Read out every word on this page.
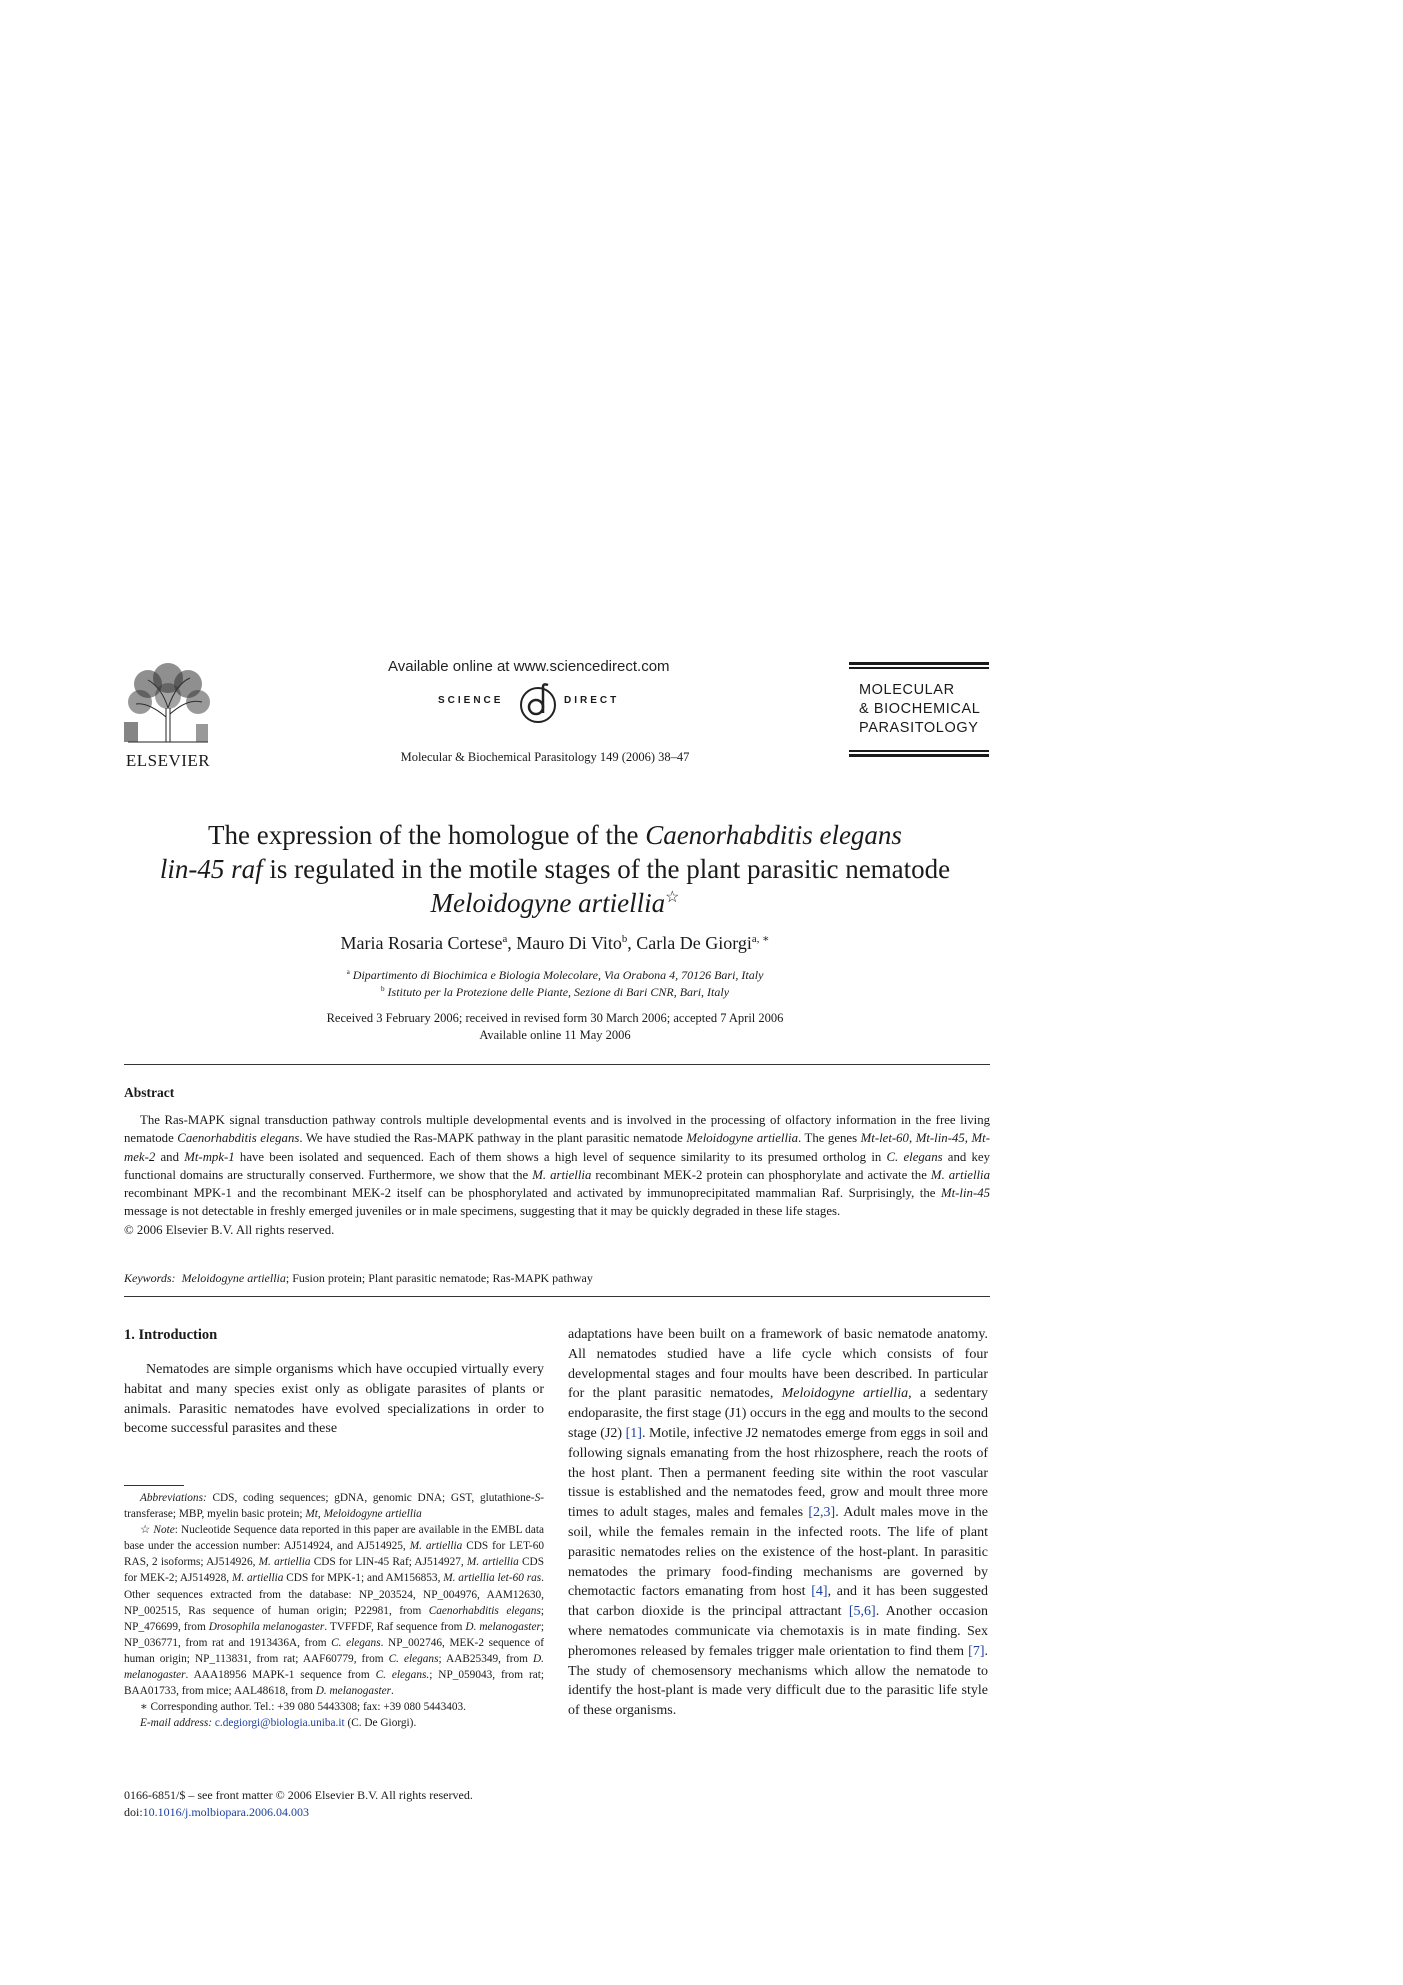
ELSEVIER
Available online at www.sciencedirect.com
SCIENCE	DIRECT
Molecular & Biochemical Parasitology 149 (2006) 38–47
MOLECULAR
& BIOCHEMICAL
PARASITOLOGY
The expression of the homologue of the Caenorhabditis elegans
lin-45 raf is regulated in the motile stages of the plant parasitic nematode Meloidogyne artiellia☆
Maria Rosaria Cortese$^a$, Mauro Di Vito$^b$, Carla De Giorgi$^{a, ∗}$
$^a$ Dipartimento di Biochimica e Biologia Molecolare, Via Orabona 4, 70126 Bari, Italy
$^b$ Istituto per la Protezione delle Piante, Sezione di Bari CNR, Bari, Italy
Received 3 February 2006; received in revised form 30 March 2006; accepted 7 April 2006
Available online 11 May 2006
Abstract

The Ras-MAPK signal transduction pathway controls multiple developmental events and is involved in the processing of olfactory information in the free living nematode Caenorhabditis elegans. We have studied the Ras-MAPK pathway in the plant parasitic nematode Meloidogyne artiellia. The genes Mt-let-60, Mt-lin-45, Mt-mek-2 and Mt-mpk-1 have been isolated and sequenced. Each of them shows a high level of sequence similarity to its presumed ortholog in C. elegans and key functional domains are structurally conserved. Furthermore, we show that the M. artiellia recombinant MEK-2 protein can phosphorylate and activate the M. artiellia recombinant MPK-1 and the recombinant MEK-2 itself can be phosphorylated and activated by immunoprecipitated mammalian Raf. Surprisingly, the Mt-lin-45 message is not detectable in freshly emerged juveniles or in male specimens, suggesting that it may be quickly degraded in these life stages.

© 2006 Elsevier B.V. All rights reserved.
Keywords: Meloidogyne artiellia; Fusion protein; Plant parasitic nematode; Ras-MAPK pathway
1. Introduction

Nematodes are simple organisms which have occupied virtually every habitat and many species exist only as obligate parasites of plants or animals. Parasitic nematodes have evolved specializations in order to become successful parasites and these

Abbreviations: CDS, coding sequences; gDNA, genomic DNA; GST, glutathione-S-transferase; MBP, myelin basic protein; Mt, Meloidogyne artiellia

☆ Note: Nucleotide Sequence data reported in this paper are available in the EMBL data base under the accession number: AJ514924, and AJ514925, M. artiellia CDS for LET-60 RAS, 2 isoforms; AJ514926, M. artiellia CDS for LIN-45 Raf; AJ514927, M. artiellia CDS for MEK-2; AJ514928, M. artiellia CDS for MPK-1; and AM156853, M. artiellia let-60 ras. Other sequences extracted from the database: NP_203524, NP_004976, AAM12630, NP_002515, Ras sequence of human origin; P22981, from Caenorhabditis elegans; NP_476699, from Drosophila melanogaster. TVFFDF, Raf sequence from D. melanogaster; NP_036771, from rat and 1913436A, from C. elegans. NP_002746, MEK-2 sequence of human origin; NP_113831, from rat; AAF60779, from C. elegans; AAB25349, from D. melanogaster. AAA18956 MAPK-1 sequence from C. elegans.; NP_059043, from rat; BAA01733, from mice; AAL48618, from D. melanogaster.

∗ Corresponding author. Tel.: +39 080 5443308; fax: +39 080 5443403.

E-mail address: c.degiorgi@biologia.uniba.it (C. De Giorgi).

0166-6851/$ – see front matter © 2006 Elsevier B.V. All rights reserved.
doi:10.1016/j.molbiopara.2006.04.003

adaptations have been built on a framework of basic nematode anatomy. All nematodes studied have a life cycle which consists of four developmental stages and four moults have been described. In particular for the plant parasitic nematodes, Meloidogyne artiellia, a sedentary endoparasite, the first stage (J1) occurs in the egg and moults to the second stage (J2) [1]. Motile, infective J2 nematodes emerge from eggs in soil and following signals emanating from the host rhizosphere, reach the roots of the host plant. Then a permanent feeding site within the root vascular tissue is established and the nematodes feed, grow and moult three more times to adult stages, males and females [2,3]. Adult males move in the soil, while the females remain in the infected roots. The life of plant parasitic nematodes relies on the existence of the host-plant. In parasitic nematodes the primary food-finding mechanisms are governed by chemotactic factors emanating from host [4], and it has been suggested that carbon dioxide is the principal attractant [5,6]. Another occasion where nematodes communicate via chemotaxis is in mate finding. Sex pheromones released by females trigger male orientation to find them [7]. The study of chemosensory mechanisms which allow the nematode to identify the host-plant is made very difficult due to the parasitic life style of these organisms.
